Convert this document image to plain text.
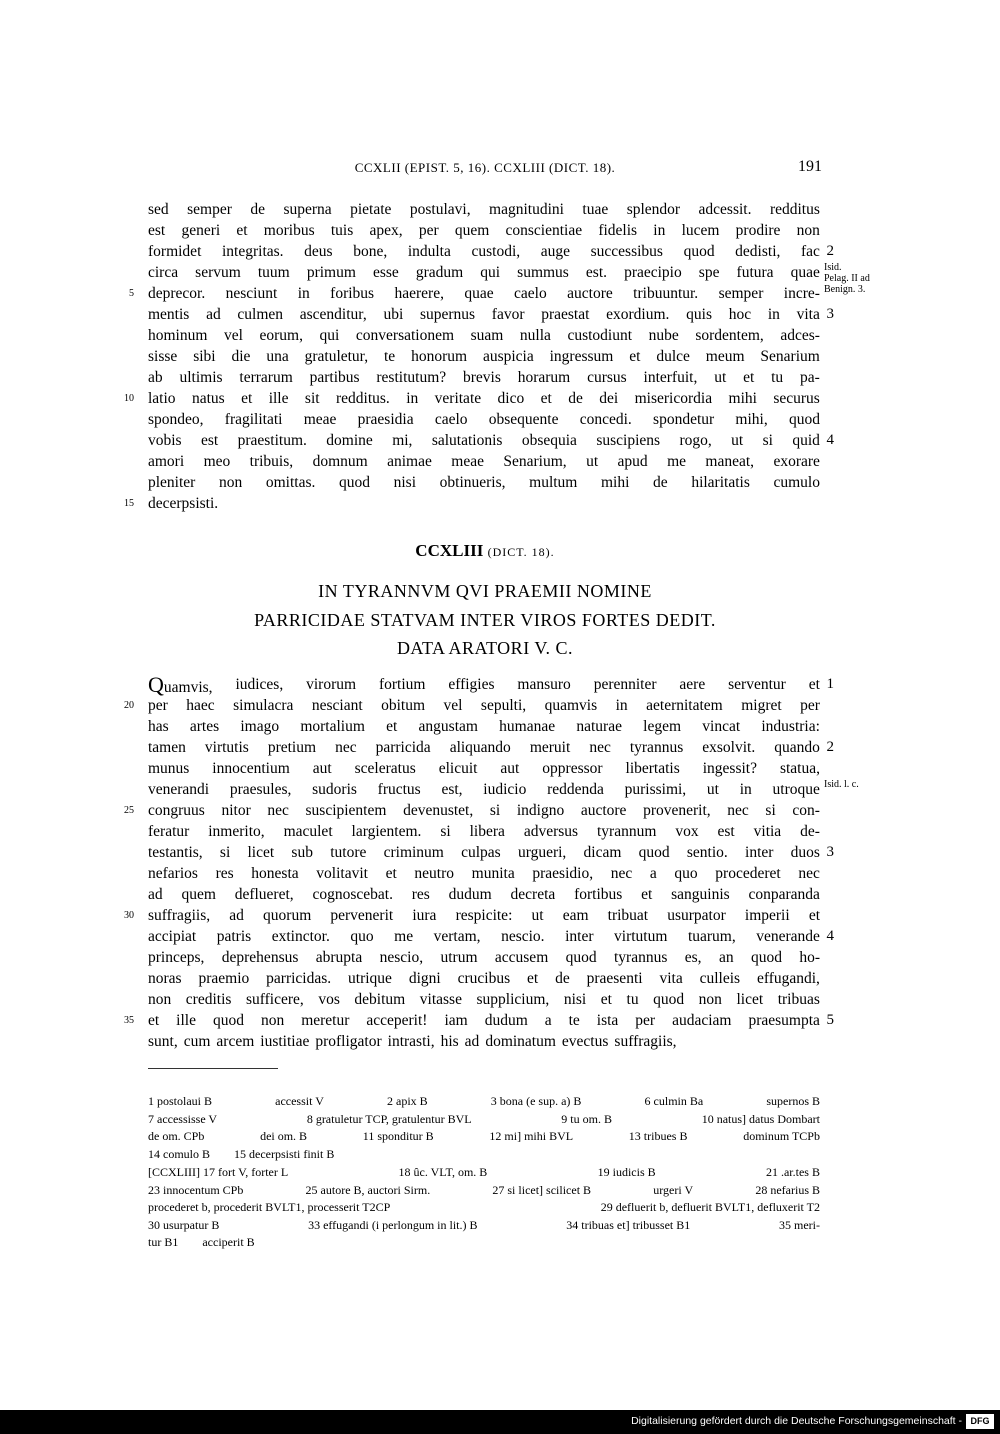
CCXLII (EPIST. 5, 16). CCXLIII (DICT. 18).	191
sed semper de superna pietate postulavi, magnitudini tuae splendor adcessit. redditus
est generi et moribus tuis apex, per quem conscientiae fidelis in lucem prodire non
formidet integritas. deus bone, indulta custodi, auge successibus quod dedisti, fac 2
circa servum tuum primum esse gradum qui summus est. praecipio spe futura quae Isid.
Pelag. II ad
Benign. 3.
deprecor. nesciunt in foribus haerere, quae caelo auctore tribuuntur. semper incre-
5
mentis ad culmen ascenditur, ubi supernus favor praestat exordium. quis hoc in vita 3
hominum vel eorum, qui conversationem suam nulla custodiunt nube sordentem, adces-
sisse sibi die una gratuletur, te honorum auspicia ingressum et dulce meum Senarium
ab ultimis terrarum partibus restitutum? brevis horarum cursus interfuit, ut et tu pa-
latio natus et ille sit redditus. in veritate dico et de dei misericordia mihi securus
10
spondeo, fragilitati meae praesidia caelo obsequente concedi. spondetur mihi, quod
vobis est praestitum. domine mi, salutationis obsequia suscipiens rogo, ut si quid 4
amori meo tribuis, domnum animae meae Senarium, ut apud me maneat, exorare
pleniter non omittas. quod nisi obtinueris, multum mihi de hilaritatis cumulo
decerpsisti.
15
CCXLIII (DICT. 18).
IN TYRANNVM QVI PRAEMII NOMINE
PARRICIDAE STATVAM INTER VIROS FORTES DEDIT.
DATA ARATORI V. C.
Quamvis, iudices, virorum fortium effigies mansuro perenniter aere serventur et 1
per haec simulacra nesciant obitum vel sepulti, quamvis in aeternitatem migret per
20
has artes imago mortalium et angustam humanae naturae legem vincat industria:
tamen virtutis pretium nec parricida aliquando meruit nec tyrannus exsolvit. quando 2
munus innocentium aut sceleratus elicuit aut oppressor libertatis ingessit? statua,
venerandi praesules, sudoris fructus est, iudicio reddenda purissimi, ut in utroque Isid. l. c.
congruus nitor nec suscipientem devenustet, si indigno auctore provenerit, nec si con-
25
feratur inmerito, maculet largientem. si libera adversus tyrannum vox est vitia de-
testantis, si licet sub tutore criminum culpas urgueri, dicam quod sentio. inter duos 3
nefarios res honesta volitavit et neutro munita praesidio, nec a quo procederet nec
ad quem deflueret, cognoscebat. res dudum decreta fortibus et sanguinis conparanda
suffragiis, ad quorum pervenerit iura respicite: ut eam tribuat usurpator imperii et
30
accipiat patris extinctor. quo me vertam, nescio. inter virtutum tuarum, venerande 4
princeps, deprehensus abrupta nescio, utrum accusem quod tyrannus es, an quod ho-
noras praemio parricidas. utrique digni crucibus et de praesenti vita culleis effugandi,
non creditis sufficere, vos debitum vitasse supplicium, nisi et tu quod non licet tribuas
et ille quod non meretur acceperit! iam dudum a te ista per audaciam praesumpta
35	5
sunt, cum arcem iustitiae profligator intrasti, his ad dominatum evectus suffragiis,
1 postolaui B	accessit V	2 apix B	3 bona (e sup. a) B	6 culmin Ba	supernos B
7 accessisse V	8 gratuletur TCP, gratulentur BVL	9 tu om. B	10 natus] datus Dombart
de om. CPb	dei om. B	11 sponditur B	12 mi] mihi BVL	13 tribues B	dominum TCPb
14 comulo B 15 decerpsisti finit B
[CCXLIII] 17 fort V, forter L	18 ûc. VLT, om. B	19 iudicis B	21 .ar.tes B
23 innocentum CPb	25 autore B, auctori Sirm.	27 si licet] scilicet B	urgeri V	28 nefarius B
procederet b, procederit BVLT1, processerit T2CP	29 defluerit b, defluerit BVLT1, defluxerit T2
30 usurpatur B	33 effugandi (i perlongum in lit.) B	34 tribuas et] tribusset B1	35 meri-
tur B1 acciperit B
Digitalisierung gefördert durch die Deutsche Forschungsgemeinschaft - DFG
